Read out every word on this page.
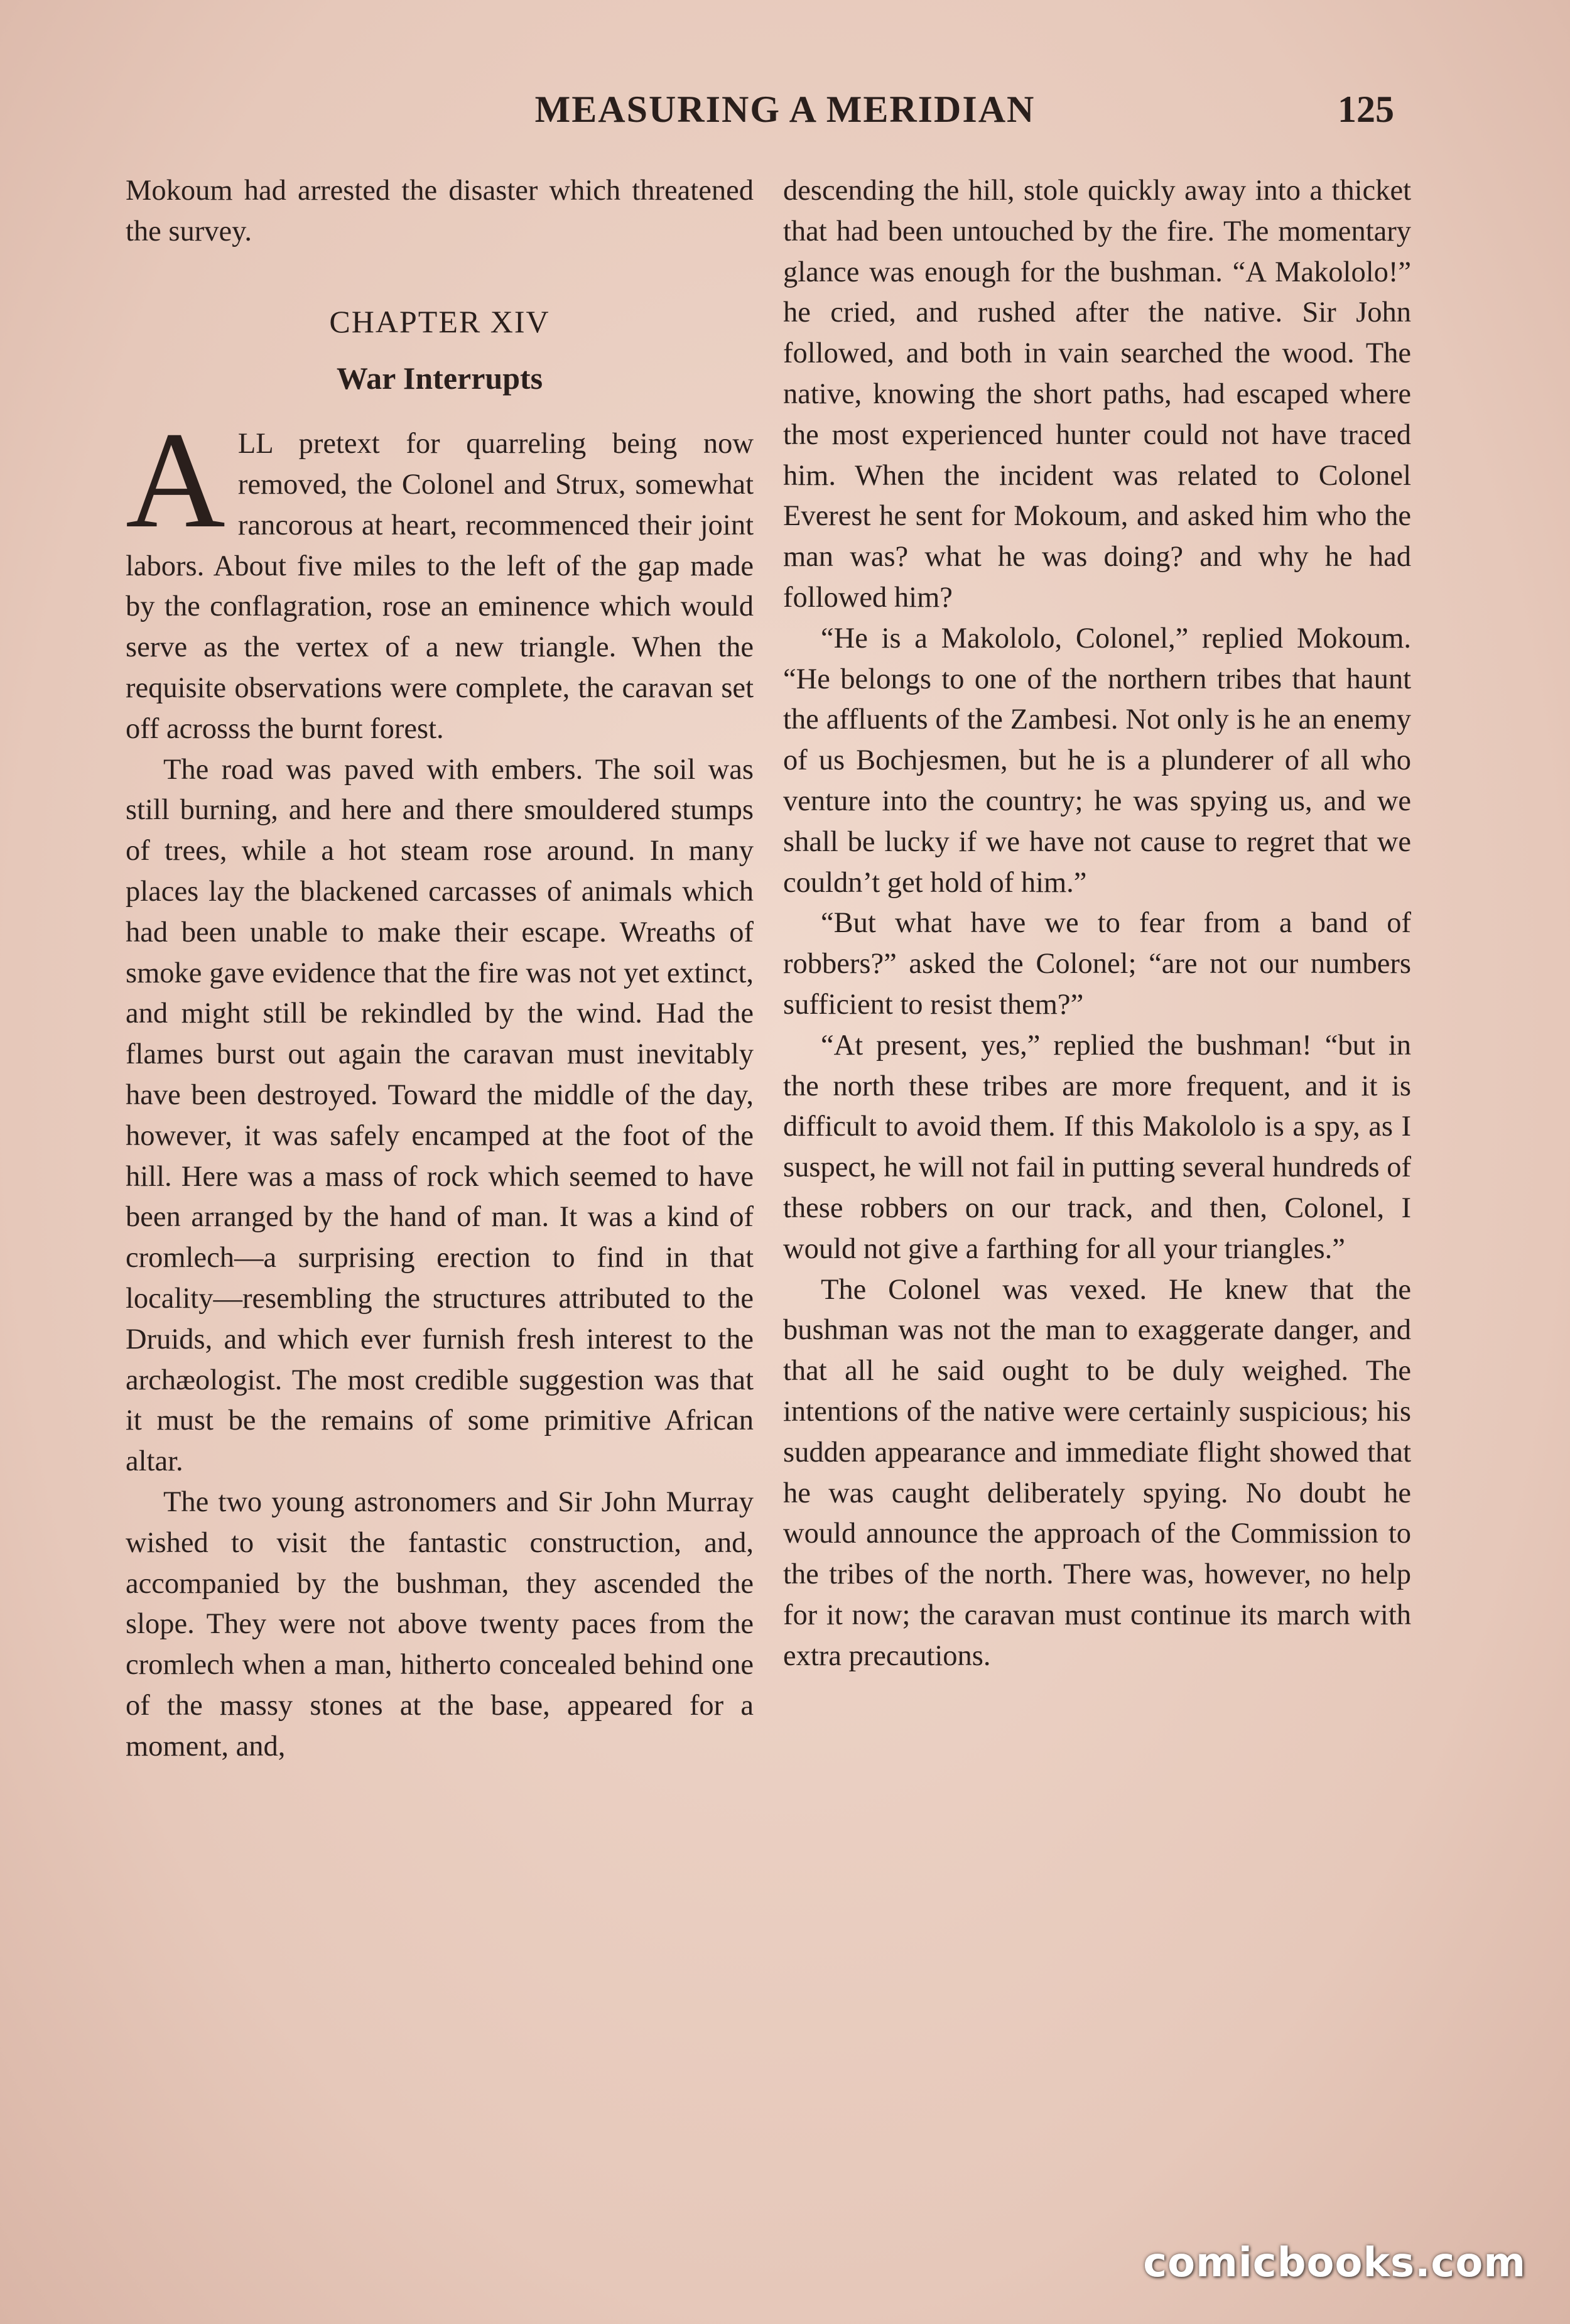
MEASURING A MERIDIAN	125

Mokoum had arrested the disaster which threatened the survey.

CHAPTER XIV
War Interrupts

ALL pretext for quarreling being now removed, the Colonel and Strux, somewhat rancorous at heart, recommenced their joint labors. About five miles to the left of the gap made by the conflagration, rose an eminence which would serve as the vertex of a new triangle. When the requisite observations were complete, the caravan set off acrosss the burnt forest.

The road was paved with embers. The soil was still burning, and here and there smouldered stumps of trees, while a hot steam rose around. In many places lay the blackened carcasses of animals which had been unable to make their escape. Wreaths of smoke gave evidence that the fire was not yet extinct, and might still be rekindled by the wind. Had the flames burst out again the caravan must inevitably have been destroyed. Toward the middle of the day, however, it was safely encamped at the foot of the hill. Here was a mass of rock which seemed to have been arranged by the hand of man. It was a kind of cromlech—a surprising erection to find in that locality—resembling the structures attributed to the Druids, and which ever furnish fresh interest to the archæologist. The most credible suggestion was that it must be the remains of some primitive African altar.

The two young astronomers and Sir John Murray wished to visit the fantastic construction, and, accompanied by the bushman, they ascended the slope. They were not above twenty paces from the cromlech when a man, hitherto concealed behind one of the massy stones at the base, appeared for a moment, and,

descending the hill, stole quickly away into a thicket that had been untouched by the fire. The momentary glance was enough for the bushman. “A Makololo!” he cried, and rushed after the native. Sir John followed, and both in vain searched the wood. The native, knowing the short paths, had escaped where the most experienced hunter could not have traced him. When the incident was related to Colonel Everest he sent for Mokoum, and asked him who the man was? what he was doing? and why he had followed him?

“He is a Makololo, Colonel,” replied Mokoum. “He belongs to one of the northern tribes that haunt the affluents of the Zambesi. Not only is he an enemy of us Bochjesmen, but he is a plunderer of all who venture into the country; he was spying us, and we shall be lucky if we have not cause to regret that we couldn’t get hold of him.”

“But what have we to fear from a band of robbers?” asked the Colonel; “are not our numbers sufficient to resist them?”

“At present, yes,” replied the bushman! “but in the north these tribes are more frequent, and it is difficult to avoid them. If this Makololo is a spy, as I suspect, he will not fail in putting several hundreds of these robbers on our track, and then, Colonel, I would not give a farthing for all your triangles.”

The Colonel was vexed. He knew that the bushman was not the man to exaggerate danger, and that all he said ought to be duly weighed. The intentions of the native were certainly suspicious; his sudden appearance and immediate flight showed that he was caught deliberately spying. No doubt he would announce the approach of the Commission to the tribes of the north. There was, however, no help for it now; the caravan must continue its march with extra precautions.

comicbooks.com
